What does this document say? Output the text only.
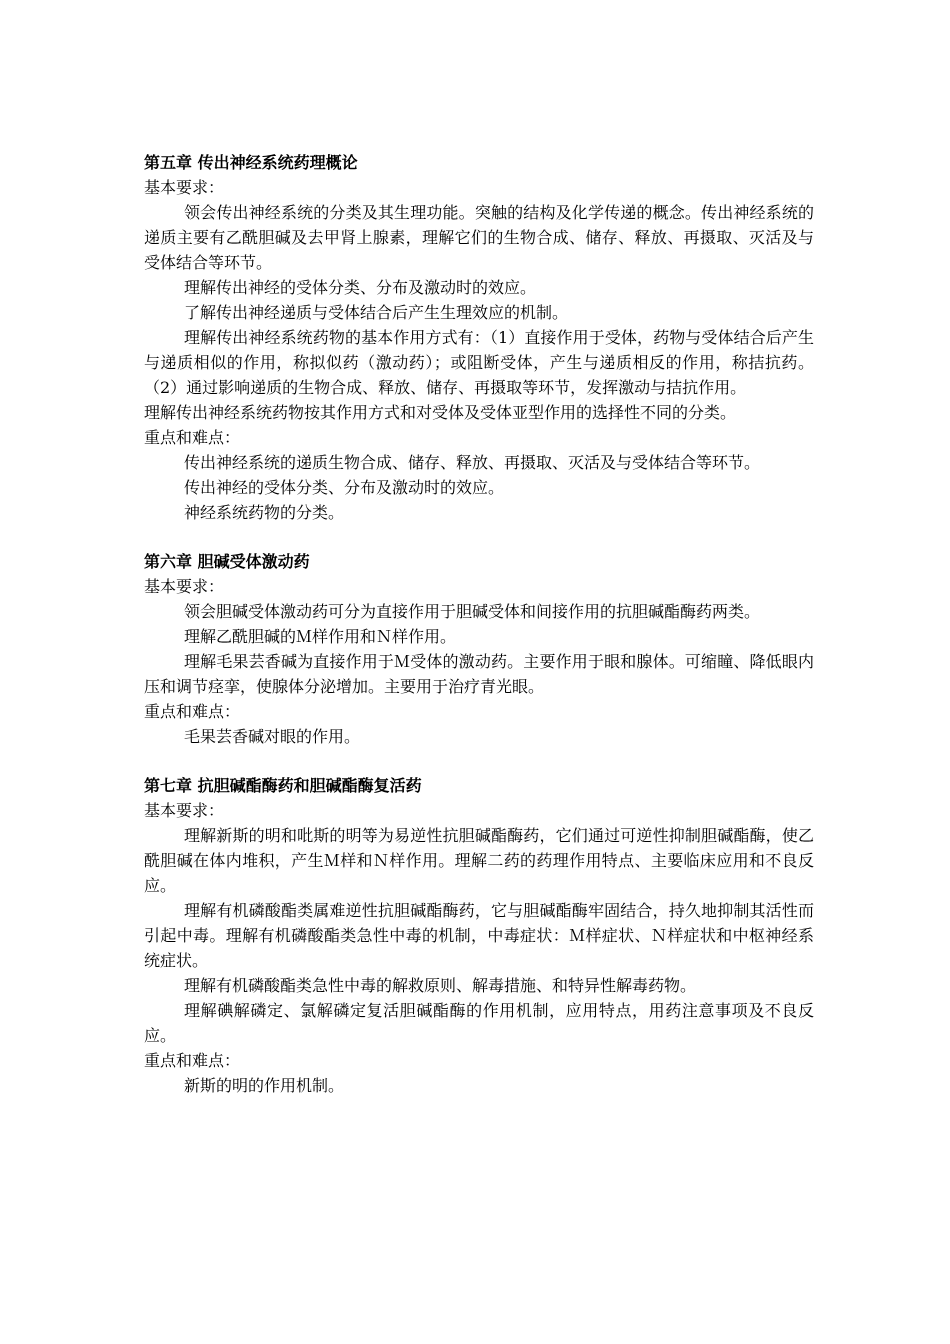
第五章 传出神经系统药理概论
基本要求：

领会传出神经系统的分类及其生理功能。突触的结构及化学传递的概念。传出神经系统的递质主要有乙酰胆碱及去甲肾上腺素，理解它们的生物合成、储存、释放、再摄取、灭活及与受体结合等环节。

理解传出神经的受体分类、分布及激动时的效应。

了解传出神经递质与受体结合后产生生理效应的机制。

理解传出神经系统药物的基本作用方式有：（1）直接作用于受体，药物与受体结合后产生与递质相似的作用，称拟似药（激动药）；或阻断受体，产生与递质相反的作用，称拮抗药。（2）通过影响递质的生物合成、释放、储存、再摄取等环节，发挥激动与拮抗作用。

理解传出神经系统药物按其作用方式和对受体及受体亚型作用的选择性不同的分类。

重点和难点：

传出神经系统的递质生物合成、储存、释放、再摄取、灭活及与受体结合等环节。

传出神经的受体分类、分布及激动时的效应。

神经系统药物的分类。

第六章 胆碱受体激动药
基本要求：

领会胆碱受体激动药可分为直接作用于胆碱受体和间接作用的抗胆碱酯酶药两类。

理解乙酰胆碱的Ｍ样作用和Ｎ样作用。

理解毛果芸香碱为直接作用于Ｍ受体的激动药。主要作用于眼和腺体。可缩瞳、降低眼内压和调节痉挛，使腺体分泌增加。主要用于治疗青光眼。

重点和难点：

毛果芸香碱对眼的作用。

第七章 抗胆碱酯酶药和胆碱酯酶复活药
基本要求：

理解新斯的明和吡斯的明等为易逆性抗胆碱酯酶药，它们通过可逆性抑制胆碱酯酶，使乙酰胆碱在体内堆积，产生Ｍ样和Ｎ样作用。理解二药的药理作用特点、主要临床应用和不良反应。

理解有机磷酸酯类属难逆性抗胆碱酯酶药，它与胆碱酯酶牢固结合，持久地抑制其活性而引起中毒。理解有机磷酸酯类急性中毒的机制，中毒症状：Ｍ样症状、Ｎ样症状和中枢神经系统症状。

理解有机磷酸酯类急性中毒的解救原则、解毒措施、和特异性解毒药物。

理解碘解磷定、氯解磷定复活胆碱酯酶的作用机制，应用特点，用药注意事项及不良反应。

重点和难点：

新斯的明的作用机制。
